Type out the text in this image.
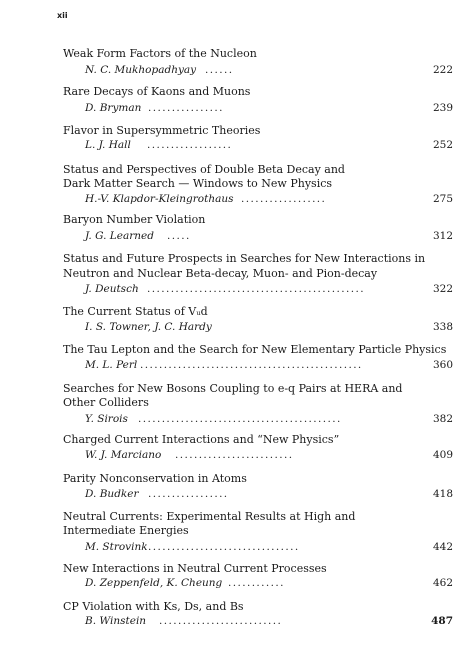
xii
Weak Form Factors of the Nucleon
N. C. Mukhopadhyay ......	222
Rare Decays of Kaons and Muons
D. Bryman ................	239
Flavor in Supersymmetric Theories
L. J. Hall ..................	252
Status and Perspectives of Double Beta Decay and
Dark Matter Search — Windows to New Physics
H.-V. Klapdor-Kleingrothaus ..................	275
Baryon Number Violation
J. G. Learned .....	312
Status and Future Prospects in Searches for New Interactions in
Neutron and Nuclear Beta-decay, Muon- and Pion-decay
J. Deutsch ..............................................	322
The Current Status of Vᵤd
I. S. Towner, J. C. Hardy	338
The Tau Lepton and the Search for New Elementary Particle Physics
M. L. Perl ...............................................	360
Searches for New Bosons Coupling to e-q Pairs at HERA and
Other Colliders
Y. Sirois ...........................................	382
Charged Current Interactions and “New Physics”
W. J. Marciano .........................	409
Parity Nonconservation in Atoms
D. Budker .................	418
Neutral Currents: Experimental Results at High and
Intermediate Energies
M. Strovink ................................	442
New Interactions in Neutral Current Processes
D. Zeppenfeld, K. Cheung ............	462
CP Violation with Ks, Ds, and Bs
B. Winstein ..........................	487
